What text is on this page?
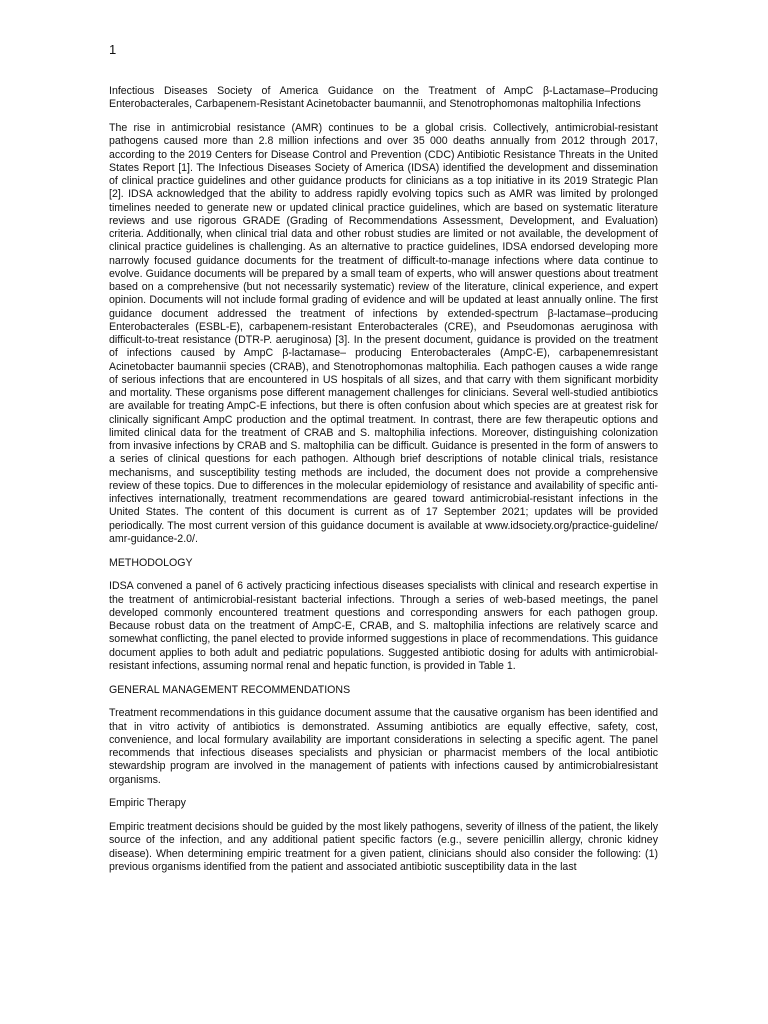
1

Infectious Diseases Society of America Guidance on the Treatment of AmpC β-Lactamase–Producing Enterobacterales, Carbapenem-Resistant Acinetobacter baumannii, and Stenotrophomonas maltophilia Infections

The rise in antimicrobial resistance (AMR) continues to be a global crisis. Collectively, antimicrobial-resistant pathogens caused more than 2.8 million infections and over 35 000 deaths annually from 2012 through 2017, according to the 2019 Centers for Disease Control and Prevention (CDC) Antibiotic Resistance Threats in the United States Report [1]. The Infectious Diseases Society of America (IDSA) identified the development and dissemination of clinical practice guidelines and other guidance products for clinicians as a top initiative in its 2019 Strategic Plan [2]. IDSA acknowledged that the ability to address rapidly evolving topics such as AMR was limited by prolonged timelines needed to generate new or updated clinical practice guidelines, which are based on systematic literature reviews and use rigorous GRADE (Grading of Recommendations Assessment, Development, and Evaluation) criteria. Additionally, when clinical trial data and other robust studies are limited or not available, the development of clinical practice guidelines is challenging. As an alternative to practice guidelines, IDSA endorsed developing more narrowly focused guidance documents for the treatment of difficult-to-manage infections where data continue to evolve. Guidance documents will be prepared by a small team of experts, who will answer questions about treatment based on a comprehensive (but not necessarily systematic) review of the literature, clinical experience, and expert opinion. Documents will not include formal grading of evidence and will be updated at least annually online. The first guidance document addressed the treatment of infections by extended-spectrum β-lactamase–producing Enterobacterales (ESBL-E), carbapenem-resistant Enterobacterales (CRE), and Pseudomonas aeruginosa with difficult-to-treat resistance (DTR-P. aeruginosa) [3]. In the present document, guidance is provided on the treatment of infections caused by AmpC β-lactamase– producing Enterobacterales (AmpC-E), carbapenemresistant Acinetobacter baumannii species (CRAB), and Stenotrophomonas maltophilia. Each pathogen causes a wide range of serious infections that are encountered in US hospitals of all sizes, and that carry with them significant morbidity and mortality. These organisms pose different management challenges for clinicians. Several well-studied antibiotics are available for treating AmpC-E infections, but there is often confusion about which species are at greatest risk for clinically significant AmpC production and the optimal treatment. In contrast, there are few therapeutic options and limited clinical data for the treatment of CRAB and S. maltophilia infections. Moreover, distinguishing colonization from invasive infections by CRAB and S. maltophilia can be difficult. Guidance is presented in the form of answers to a series of clinical questions for each pathogen. Although brief descriptions of notable clinical trials, resistance mechanisms, and susceptibility testing methods are included, the document does not provide a comprehensive review of these topics. Due to differences in the molecular epidemiology of resistance and availability of specific anti-infectives internationally, treatment recommendations are geared toward antimicrobial-resistant infections in the United States. The content of this document is current as of 17 September 2021; updates will be provided periodically. The most current version of this guidance document is available at www.idsociety.org/practice-guideline/ amr-guidance-2.0/.

METHODOLOGY

IDSA convened a panel of 6 actively practicing infectious diseases specialists with clinical and research expertise in the treatment of antimicrobial-resistant bacterial infections. Through a series of web-based meetings, the panel developed commonly encountered treatment questions and corresponding answers for each pathogen group. Because robust data on the treatment of AmpC-E, CRAB, and S. maltophilia infections are relatively scarce and somewhat conflicting, the panel elected to provide informed suggestions in place of recommendations. This guidance document applies to both adult and pediatric populations. Suggested antibiotic dosing for adults with antimicrobial-resistant infections, assuming normal renal and hepatic function, is provided in Table 1.

GENERAL MANAGEMENT RECOMMENDATIONS

Treatment recommendations in this guidance document assume that the causative organism has been identified and that in vitro activity of antibiotics is demonstrated. Assuming antibiotics are equally effective, safety, cost, convenience, and local formulary availability are important considerations in selecting a specific agent. The panel recommends that infectious diseases specialists and physician or pharmacist members of the local antibiotic stewardship program are involved in the management of patients with infections caused by antimicrobialresistant organisms.

Empiric Therapy

Empiric treatment decisions should be guided by the most likely pathogens, severity of illness of the patient, the likely source of the infection, and any additional patient specific factors (e.g., severe penicillin allergy, chronic kidney disease). When determining empiric treatment for a given patient, clinicians should also consider the following: (1) previous organisms identified from the patient and associated antibiotic susceptibility data in the last
